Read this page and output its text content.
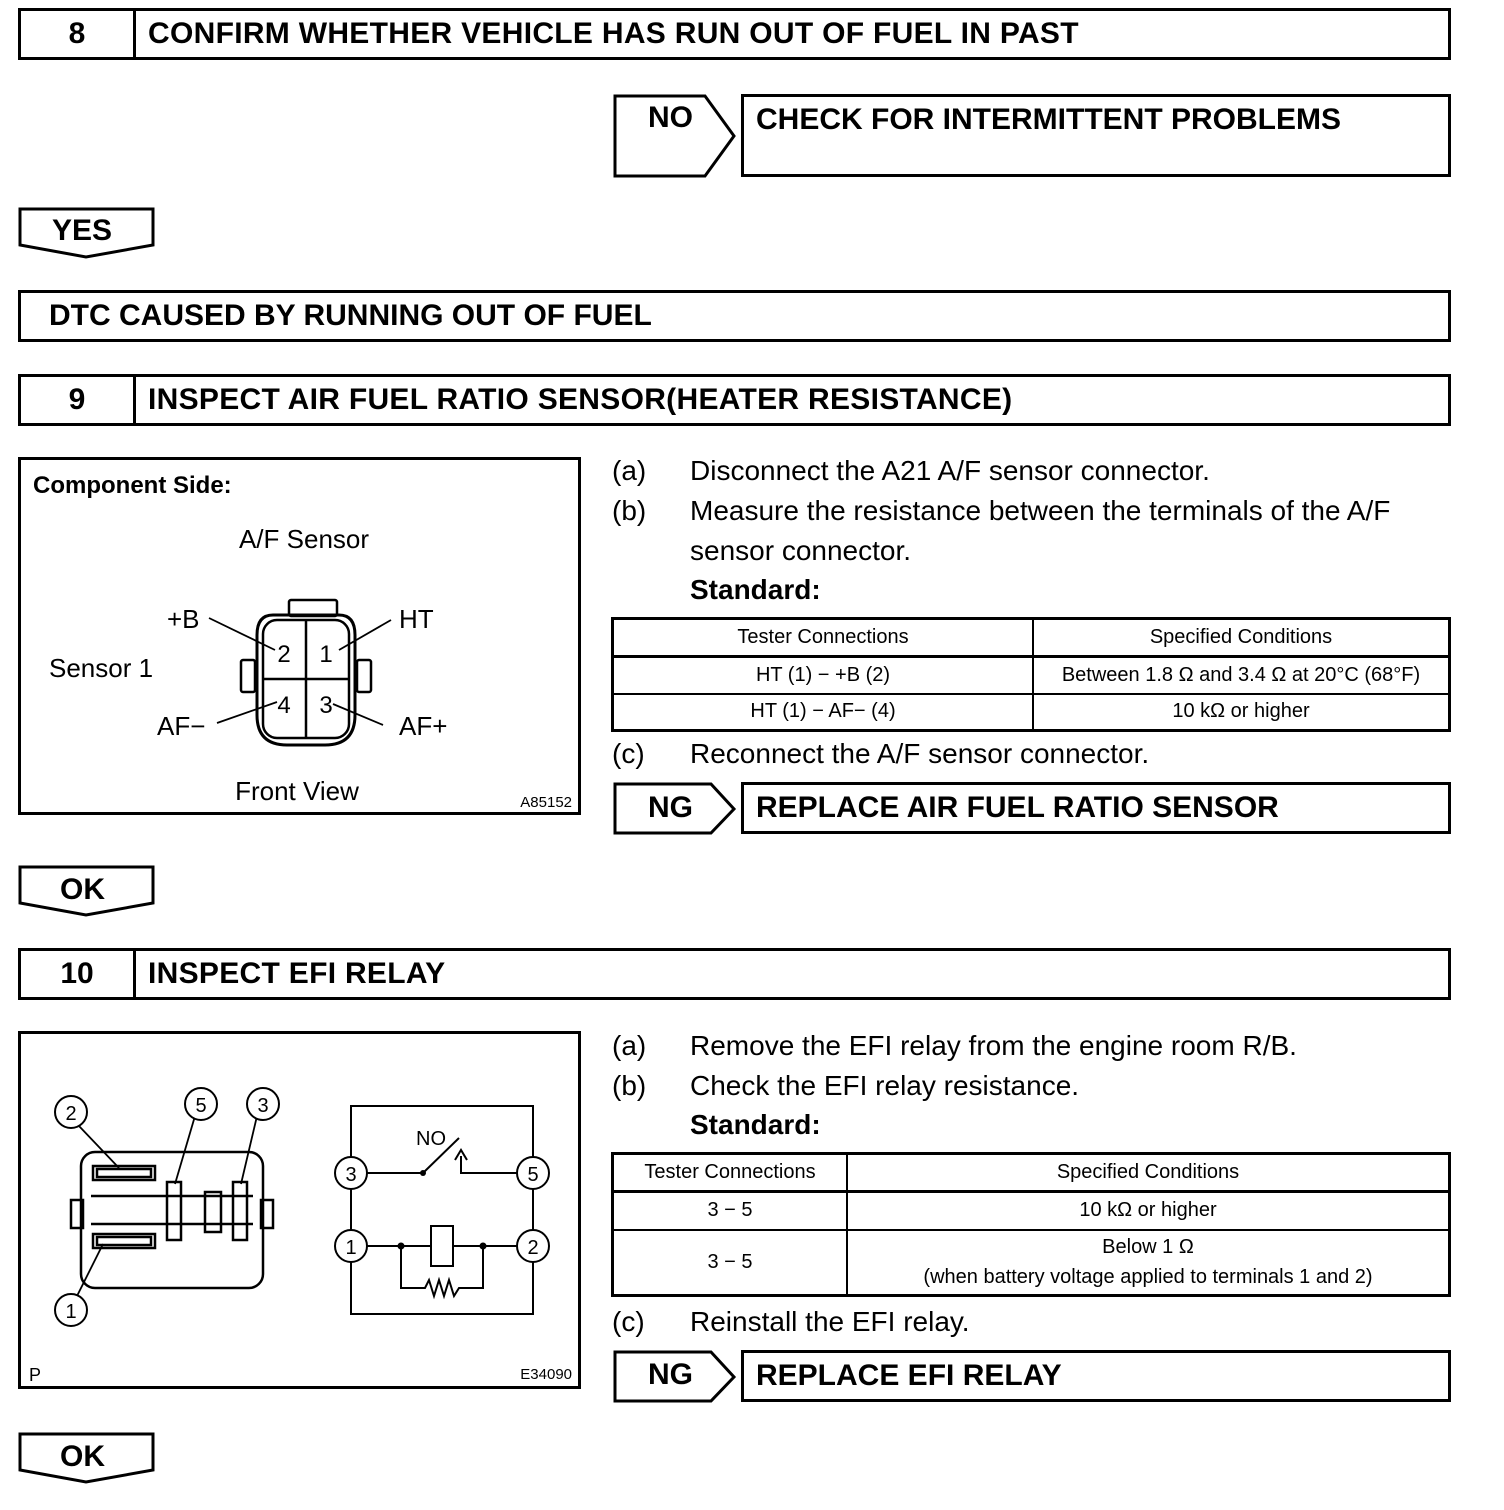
8	CONFIRM WHETHER VEHICLE HAS RUN OUT OF FUEL IN PAST
NO CHECK FOR INTERMITTENT PROBLEMS
YES
DTC CAUSED BY RUNNING OUT OF FUEL
9	INSPECT AIR FUEL RATIO SENSOR(HEATER RESISTANCE)
Component Side:
A/F Sensor
Sensor 1
Front View	A85152
2 1
4 3
+B	HT
AF−	AF+
(a) Disconnect the A21 A/F sensor connector.
(b) Measure the resistance between the terminals of the A/F
sensor connector.
Standard:
Tester Connections	Specified Conditions
HT (1) − +B (2)	Between 1.8 Ω and 3.4 Ω at 20°C (68°F)
HT (1) − AF− (4)	10 kΩ or higher
(c) Reconnect the A/F sensor connector.
NG REPLACE AIR FUEL RATIO SENSOR
OK
10	INSPECT EFI RELAY
2	5	3
1
3	5
1	2
NO
P	E34090
(a) Remove the EFI relay from the engine room R/B.
(b) Check the EFI relay resistance.
Standard:
Tester Connections	Specified Conditions
3 − 5	10 kΩ or higher
3 − 5	Below 1 Ω
(when battery voltage applied to terminals 1 and 2)
(c) Reinstall the EFI relay.
NG REPLACE EFI RELAY
OK
